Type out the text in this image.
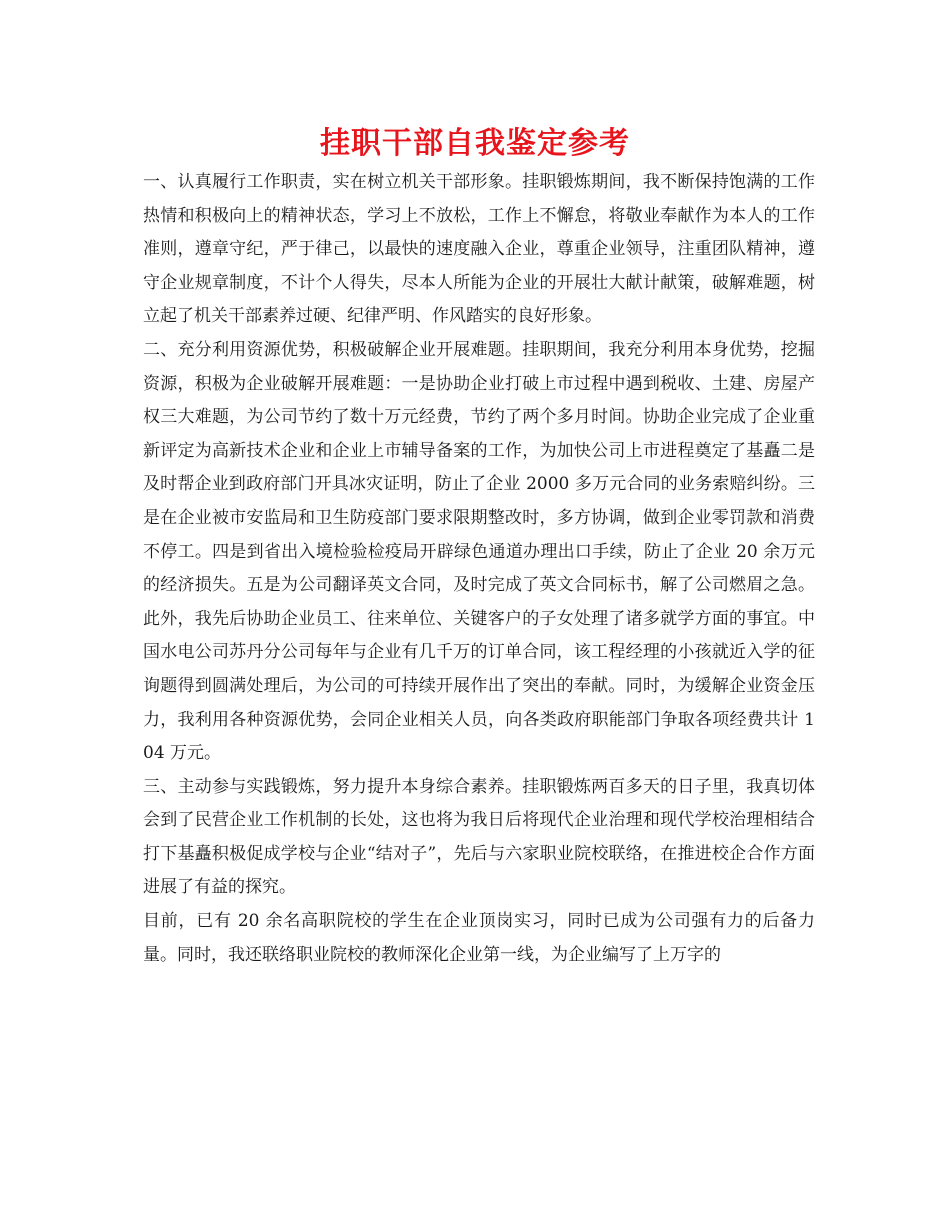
挂职干部自我鉴定参考

一、认真履行工作职责，实在树立机关干部形象。挂职锻炼期间，我不断保持饱满的工作热情和积极向上的精神状态，学习上不放松，工作上不懈怠，将敬业奉献作为本人的工作准则，遵章守纪，严于律己，以最快的速度融入企业，尊重企业领导，注重团队精神，遵守企业规章制度，不计个人得失，尽本人所能为企业的开展壮大献计献策，破解难题，树立起了机关干部素养过硬、纪律严明、作风踏实的良好形象。

二、充分利用资源优势，积极破解企业开展难题。挂职期间，我充分利用本身优势，挖掘资源，积极为企业破解开展难题：一是协助企业打破上市过程中遇到税收、土建、房屋产权三大难题，为公司节约了数十万元经费，节约了两个多月时间。协助企业完成了企业重新评定为高新技术企业和企业上市辅导备案的工作，为加快公司上市进程奠定了基矗二是及时帮企业到政府部门开具冰灾证明，防止了企业 2000 多万元合同的业务索赔纠纷。三是在企业被市安监局和卫生防疫部门要求限期整改时，多方协调，做到企业零罚款和消费不停工。四是到省出入境检验检疫局开辟绿色通道办理出口手续，防止了企业 20 余万元的经济损失。五是为公司翻译英文合同，及时完成了英文合同标书，解了公司燃眉之急。此外，我先后协助企业员工、往来单位、关键客户的子女处理了诸多就学方面的事宜。中国水电公司苏丹分公司每年与企业有几千万的订单合同，该工程经理的小孩就近入学的征询题得到圆满处理后，为公司的可持续开展作出了突出的奉献。同时，为缓解企业资金压力，我利用各种资源优势，会同企业相关人员，向各类政府职能部门争取各项经费共计 104 万元。

三、主动参与实践锻炼，努力提升本身综合素养。挂职锻炼两百多天的日子里，我真切体会到了民营企业工作机制的长处，这也将为我日后将现代企业治理和现代学校治理相结合打下基矗积极促成学校与企业“结对子”，先后与六家职业院校联络，在推进校企合作方面进展了有益的探究。

目前，已有 20 余名高职院校的学生在企业顶岗实习，同时已成为公司强有力的后备力量。同时，我还联络职业院校的教师深化企业第一线，为企业编写了上万字的
